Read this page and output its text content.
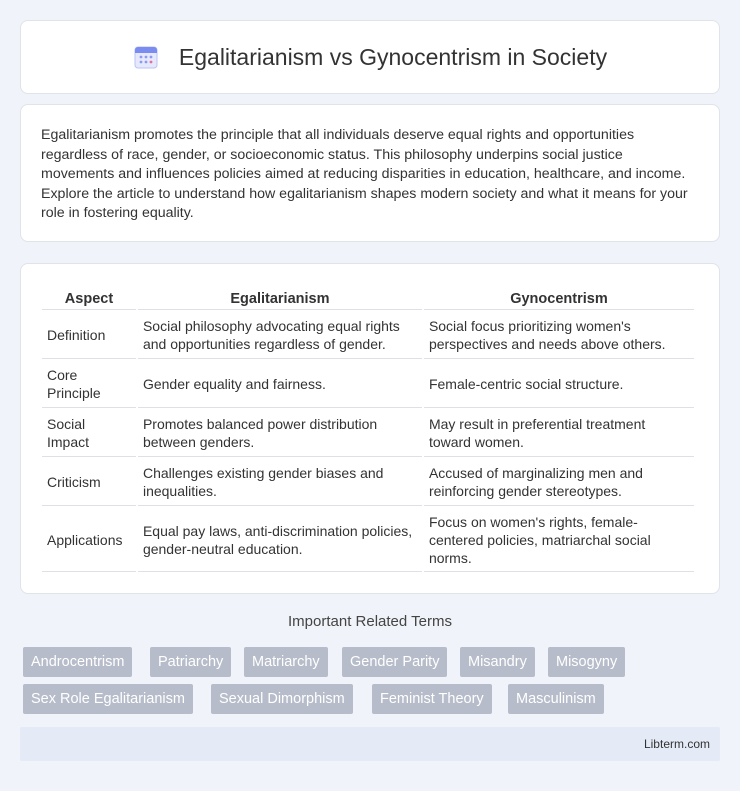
Egalitarianism vs Gynocentrism in Society

Egalitarianism promotes the principle that all individuals deserve equal rights and opportunities regardless of race, gender, or socioeconomic status. This philosophy underpins social justice movements and influences policies aimed at reducing disparities in education, healthcare, and income. Explore the article to understand how egalitarianism shapes modern society and what it means for your role in fostering equality.

Aspect	Egalitarianism	Gynocentrism
Definition	Social philosophy advocating equal rights and opportunities regardless of gender.	Social focus prioritizing women's perspectives and needs above others.
Core Principle	Gender equality and fairness.	Female-centric social structure.
Social Impact	Promotes balanced power distribution between genders.	May result in preferential treatment toward women.
Criticism	Challenges existing gender biases and inequalities.	Accused of marginalizing men and reinforcing gender stereotypes.
Applications	Equal pay laws, anti-discrimination policies, gender-neutral education.	Focus on women's rights, female-centered policies, matriarchal social norms.
Important Related Terms
Androcentrism	Patriarchy	Matriarchy	Gender Parity	Misandry	Misogyny
Sex Role Egalitarianism	Sexual Dimorphism	Feminist Theory	Masculinism
Libterm.com
